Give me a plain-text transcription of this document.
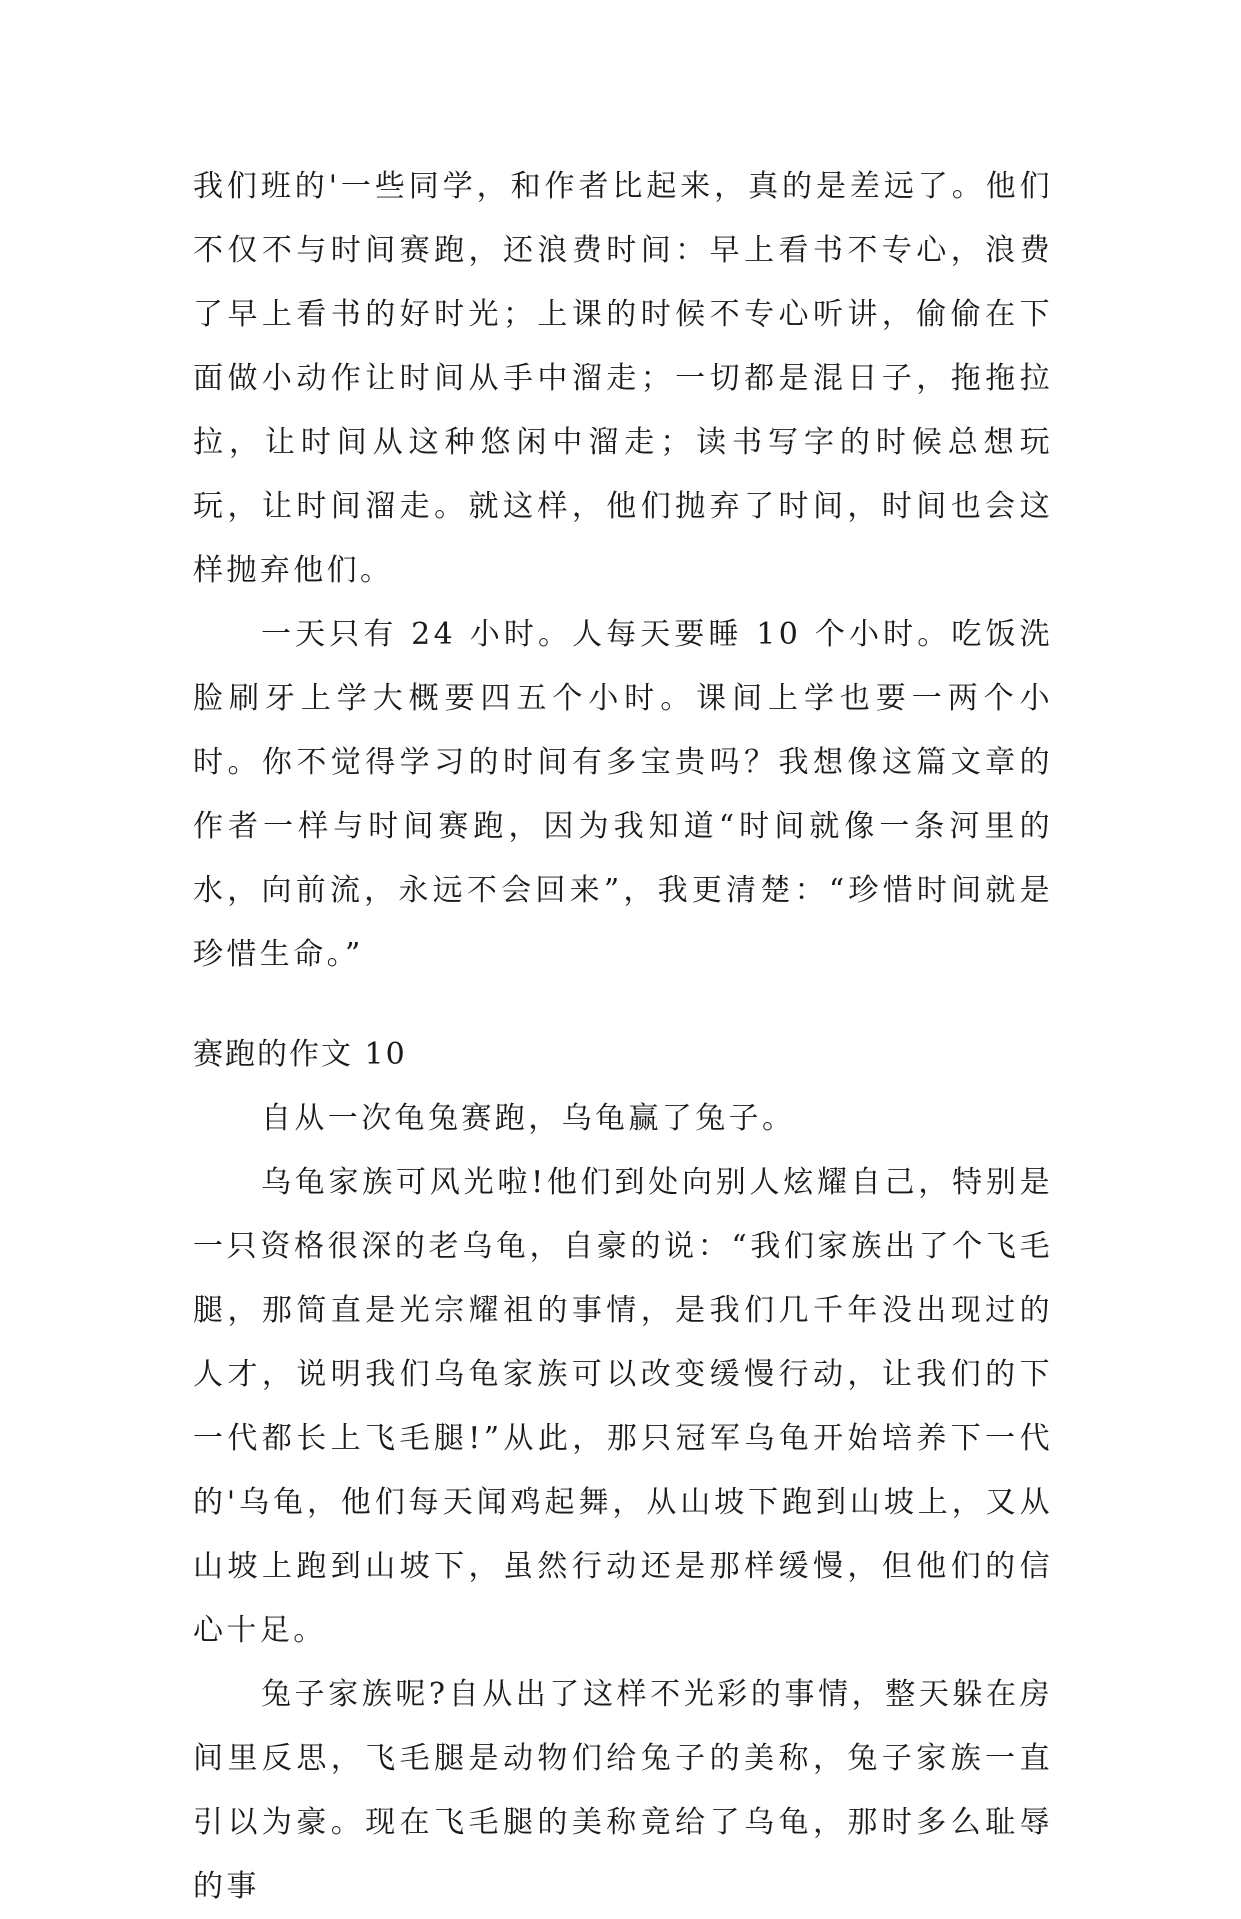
我们班的'一些同学，和作者比起来，真的是差远了。他们不仅不与时间赛跑，还浪费时间：早上看书不专心，浪费了早上看书的好时光；上课的时候不专心听讲，偷偷在下面做小动作让时间从手中溜走；一切都是混日子，拖拖拉拉，让时间从这种悠闲中溜走；读书写字的时候总想玩玩，让时间溜走。就这样，他们抛弃了时间，时间也会这样抛弃他们。

一天只有 24 小时。人每天要睡 10 个小时。吃饭洗脸刷牙上学大概要四五个小时。课间上学也要一两个小时。你不觉得学习的时间有多宝贵吗？我想像这篇文章的作者一样与时间赛跑，因为我知道“时间就像一条河里的水，向前流，永远不会回来”，我更清楚：“珍惜时间就是珍惜生命。”

赛跑的作文 10

自从一次龟兔赛跑，乌龟赢了兔子。

乌龟家族可风光啦!他们到处向别人炫耀自己，特别是一只资格很深的老乌龟，自豪的说：“我们家族出了个飞毛腿，那简直是光宗耀祖的事情，是我们几千年没出现过的人才，说明我们乌龟家族可以改变缓慢行动，让我们的下一代都长上飞毛腿!”从此，那只冠军乌龟开始培养下一代的'乌龟，他们每天闻鸡起舞，从山坡下跑到山坡上，又从山坡上跑到山坡下，虽然行动还是那样缓慢，但他们的信心十足。

兔子家族呢?自从出了这样不光彩的事情，整天躲在房间里反思，飞毛腿是动物们给兔子的美称，兔子家族一直引以为豪。现在飞毛腿的美称竟给了乌龟，那时多么耻辱的事
